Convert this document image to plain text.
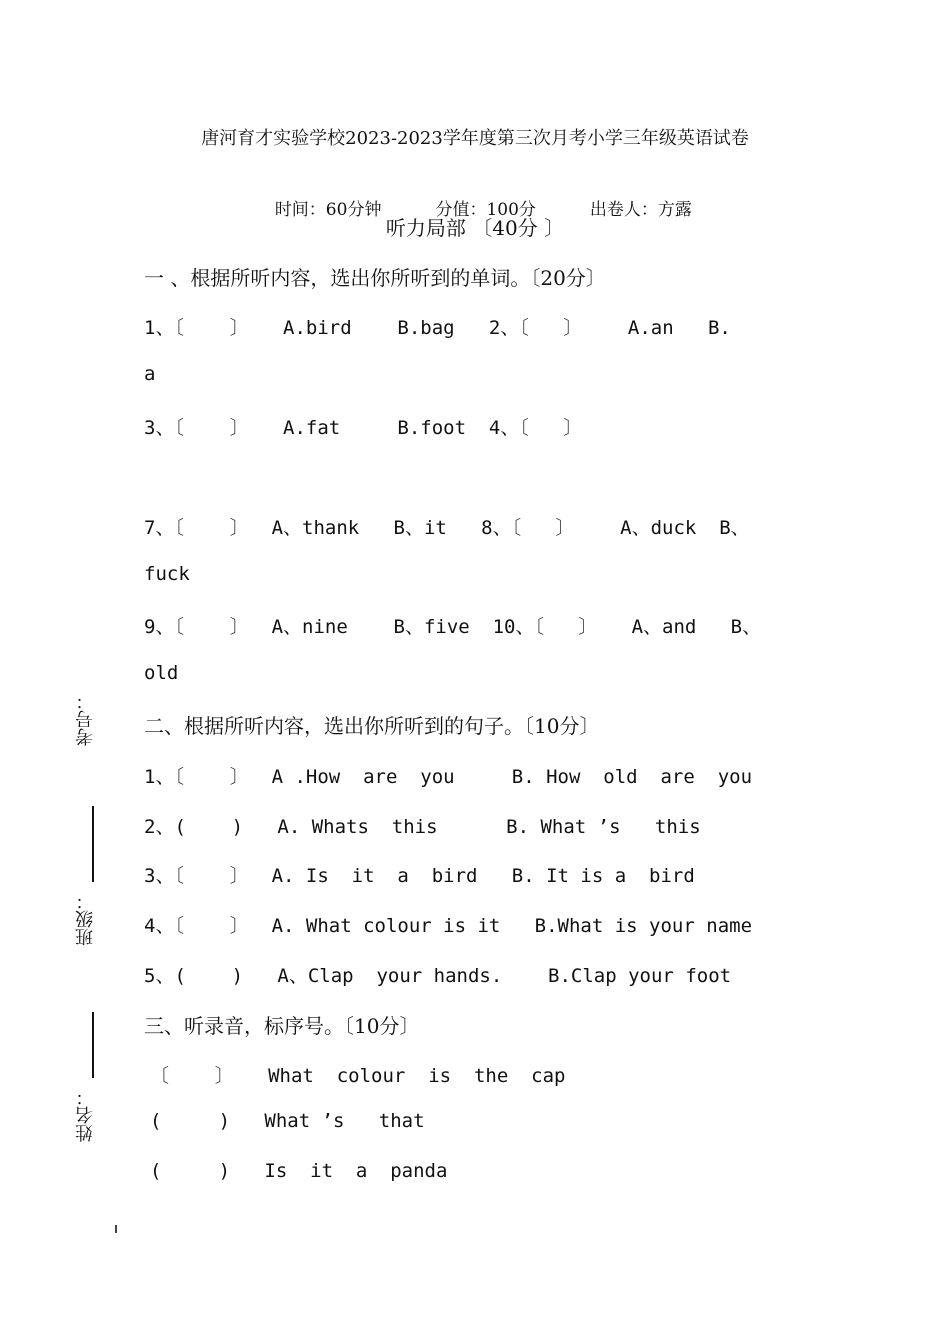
唐河育才实验学校2023-2023学年度第三次月考小学三年级英语试卷

时间：60分钟	分值：100分	出卷人：方露

听力局部 〔40分 〕
一 、根据所听内容，选出你所听到的单词。〔20分〕
1、〔    〕   A.bird    B.bag   2、〔   〕    A.an   B.
a
3、〔    〕   A.fat     B.foot  4、〔   〕
7、〔    〕  A、thank   B、it   8、〔   〕    A、duck  B、
fuck
9、〔    〕  A、nine    B、five  10、〔   〕   A、and   B、
old
二、根据所听内容，选出你所听到的句子。〔10分〕
1、〔    〕  A .How  are  you     B. How  old  are  you
2、(    )   A. Whats  this      B. What ’s   this
3、〔    〕  A. Is  it  a  bird   B. It is a  bird
4、〔    〕  A. What colour is it   B.What is your name
5、(    )   A、Clap  your hands.    B.Clap your foot
三、听录音，标序号。〔10分〕
〔    〕   What  colour  is  the  cap
(     )   What ’s   that
(     )   Is  it  a  panda
考号：
班级：
姓名：
